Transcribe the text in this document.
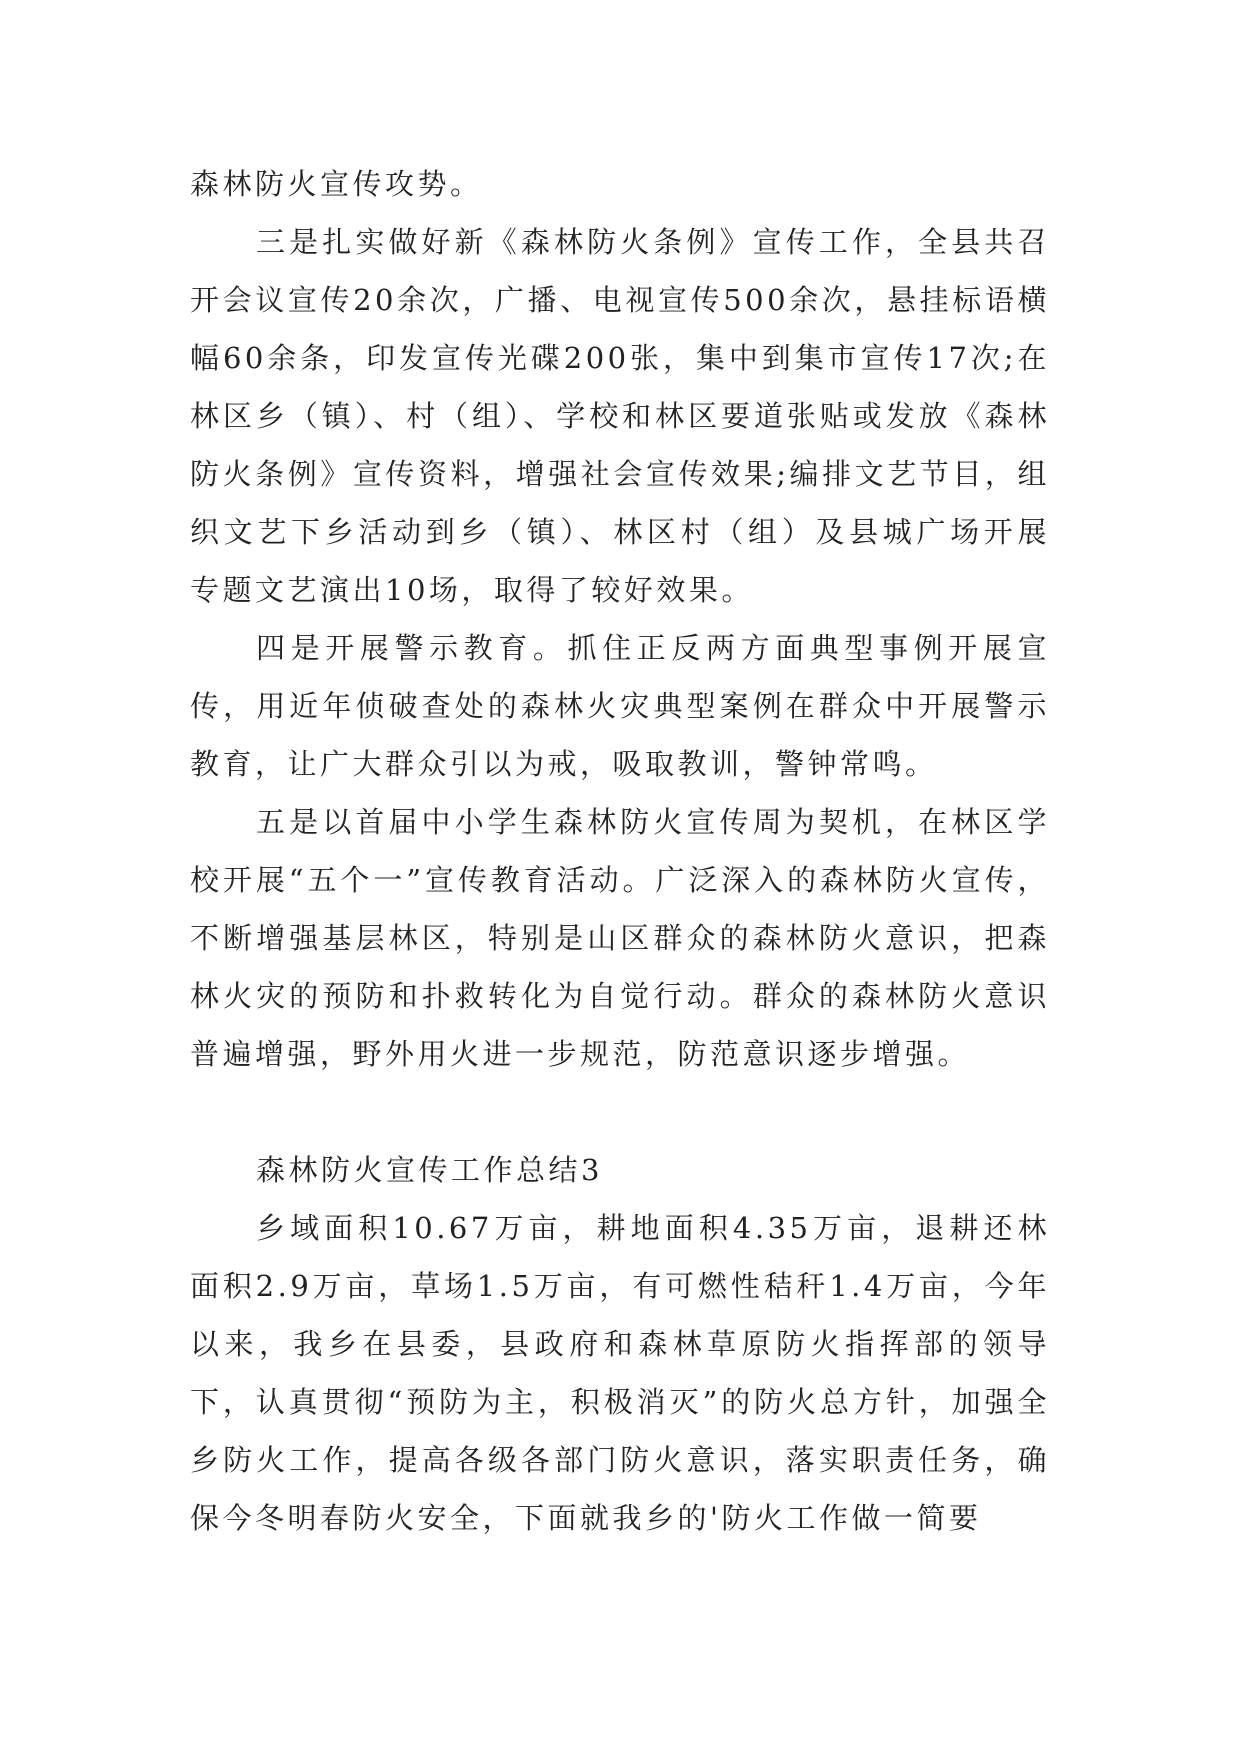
森林防火宣传攻势。

三是扎实做好新《森林防火条例》宣传工作，全县共召开会议宣传20余次，广播、电视宣传500余次，悬挂标语横幅60余条，印发宣传光碟200张，集中到集市宣传17次;在林区乡（镇）、村（组）、学校和林区要道张贴或发放《森林防火条例》宣传资料，增强社会宣传效果;编排文艺节目，组织文艺下乡活动到乡（镇）、林区村（组）及县城广场开展专题文艺演出10场，取得了较好效果。

四是开展警示教育。抓住正反两方面典型事例开展宣传，用近年侦破查处的森林火灾典型案例在群众中开展警示教育，让广大群众引以为戒，吸取教训，警钟常鸣。

五是以首届中小学生森林防火宣传周为契机，在林区学校开展“五个一”宣传教育活动。广泛深入的森林防火宣传，不断增强基层林区，特别是山区群众的森林防火意识，把森林火灾的预防和扑救转化为自觉行动。群众的森林防火意识普遍增强，野外用火进一步规范，防范意识逐步增强。

森林防火宣传工作总结3

乡域面积10.67万亩，耕地面积4.35万亩，退耕还林面积2.9万亩，草场1.5万亩，有可燃性秸秆1.4万亩，今年以来，我乡在县委，县政府和森林草原防火指挥部的领导下，认真贯彻“预防为主，积极消灭”的防火总方针，加强全乡防火工作，提高各级各部门防火意识，落实职责任务，确保今冬明春防火安全，下面就我乡的'防火工作做一简要
